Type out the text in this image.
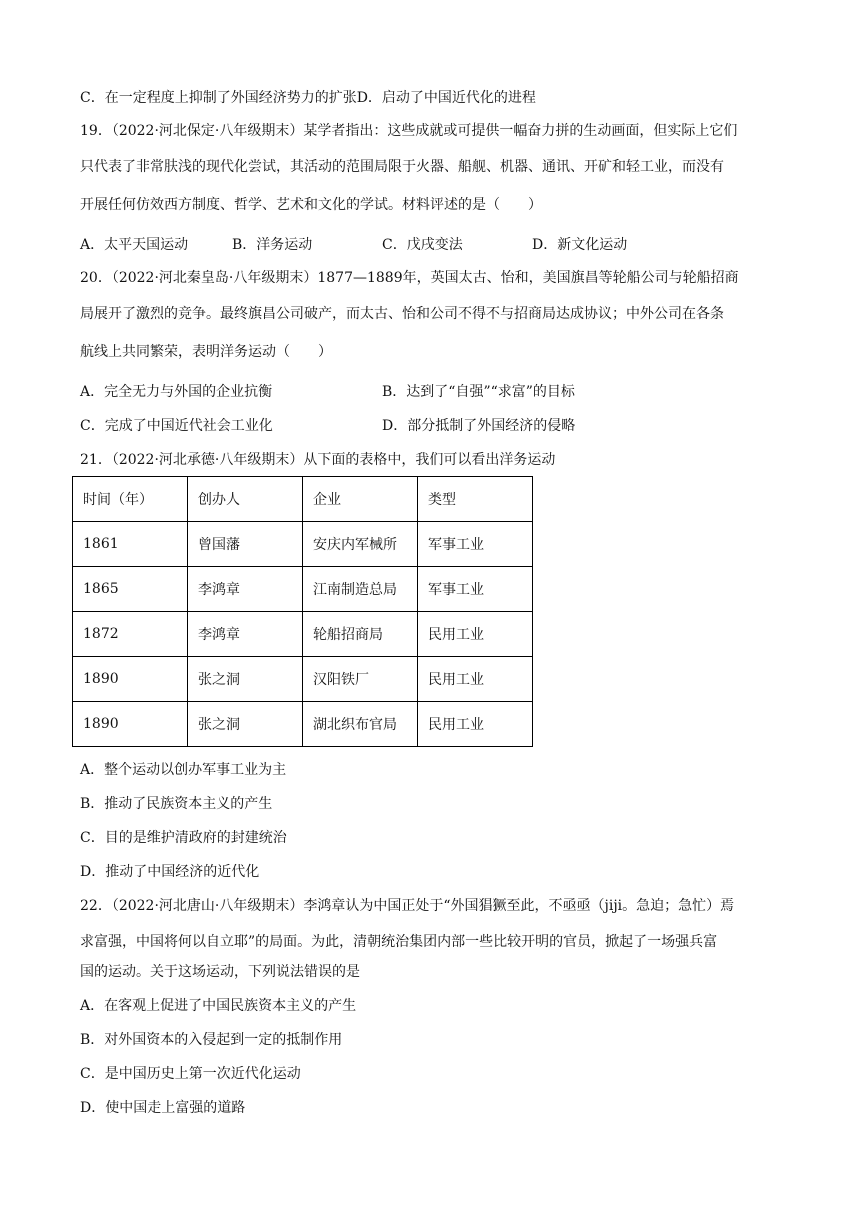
C．在一定程度上抑制了外国经济势力的扩张D．启动了中国近代化的进程
19．（2022·河北保定·八年级期末）某学者指出：这些成就或可提供一幅奋力拼的生动画面，但实际上它们
只代表了非常肤浅的现代化尝试，其活动的范围局限于火器、船舰、机器、通讯、开矿和轻工业，而没有
开展任何仿效西方制度、哲学、艺术和文化的学试。材料评述的是（　　）
A．太平天国运动	B．洋务运动	C．戊戌变法	D．新文化运动
20．（2022·河北秦皇岛·八年级期末）1877—1889年，英国太古、怡和，美国旗昌等轮船公司与轮船招商
局展开了激烈的竞争。最终旗昌公司破产，而太古、怡和公司不得不与招商局达成协议；中外公司在各条
航线上共同繁荣，表明洋务运动（　　）
A．完全无力与外国的企业抗衡	B．达到了“自强”“求富”的目标
C．完成了中国近代社会工业化	D．部分抵制了外国经济的侵略
21．（2022·河北承德·八年级期末）从下面的表格中，我们可以看出洋务运动
时间（年）	创办人	企业	类型
1861	曾国藩	安庆内军械所	军事工业
1865	李鸿章	江南制造总局	军事工业
1872	李鸿章	轮船招商局	民用工业
1890	张之洞	汉阳铁厂	民用工业
1890	张之洞	湖北织布官局	民用工业
A．整个运动以创办军事工业为主
B．推动了民族资本主义的产生
C．目的是维护清政府的封建统治
D．推动了中国经济的近代化
22．（2022·河北唐山·八年级期末）李鸿章认为中国正处于“外国猖獗至此，不亟亟（jiji。急迫；急忙）焉
求富强，中国将何以自立耶”的局面。为此，清朝统治集团内部一些比较开明的官员，掀起了一场强兵富
国的运动。关于这场运动，下列说法错误的是
A．在客观上促进了中国民族资本主义的产生
B．对外国资本的入侵起到一定的抵制作用
C．是中国历史上第一次近代化运动
D．使中国走上富强的道路
